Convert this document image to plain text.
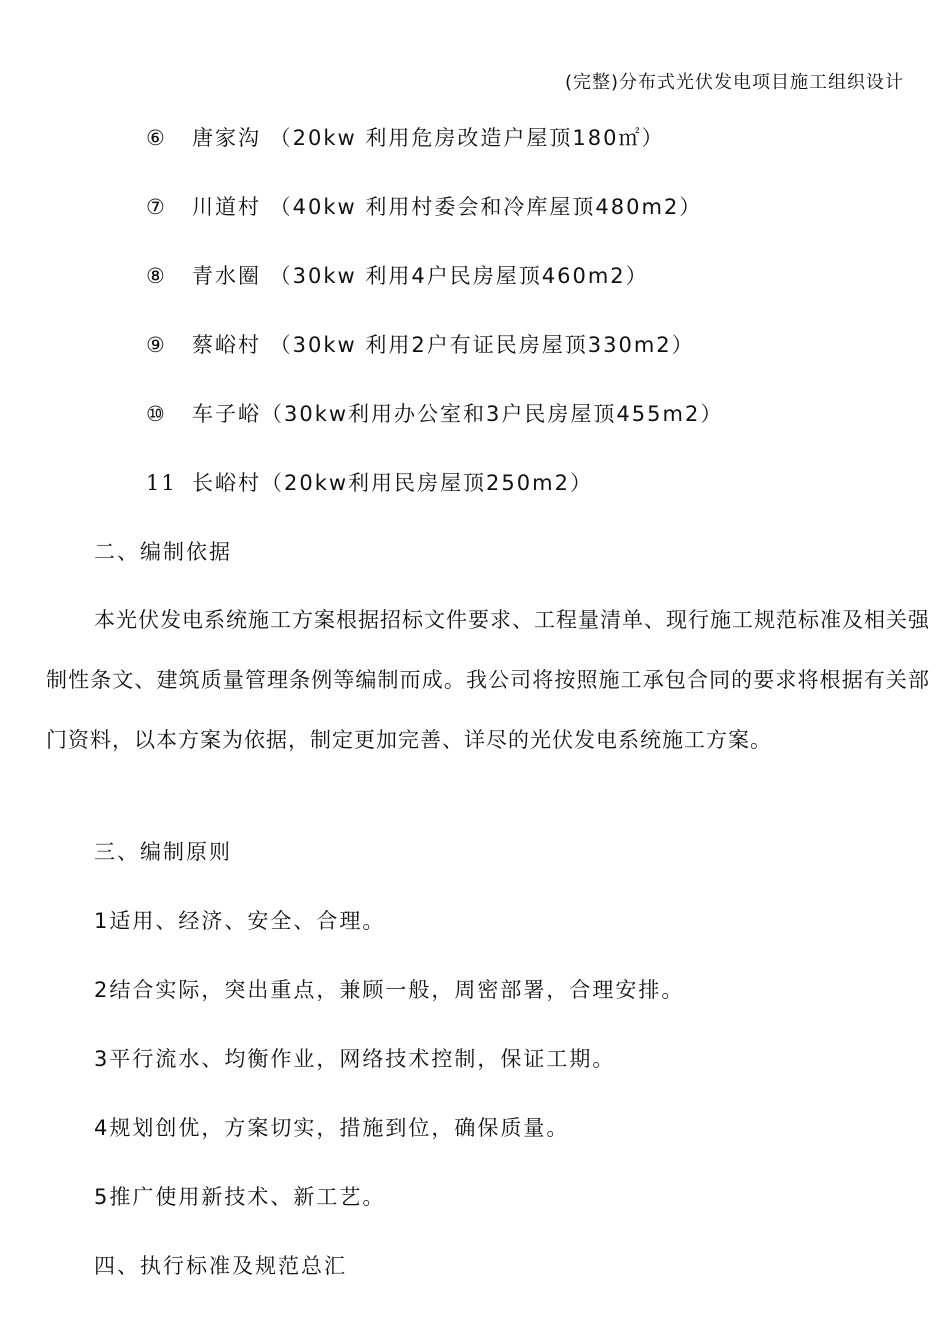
(完整)分布式光伏发电项目施工组织设计
⑥ 唐家沟 （20kw 利用危房改造户屋顶180㎡）
⑦ 川道村 （40kw 利用村委会和冷库屋顶480m2）
⑧ 青水圈 （30kw 利用4户民房屋顶460m2）
⑨ 蔡峪村 （30kw 利用2户有证民房屋顶330m2）
⑩ 车子峪（30kw利用办公室和3户民房屋顶455m2）
11 长峪村（20kw利用民房屋顶250m2）
二、编制依据

本光伏发电系统施工方案根据招标文件要求、工程量清单、现行施工规范标准及相关强制性条文、建筑质量管理条例等编制而成。我公司将按照施工承包合同的要求将根据有关部门资料，以本方案为依据，制定更加完善、详尽的光伏发电系统施工方案。

三、编制原则
1适用、经济、安全、合理。
2结合实际，突出重点，兼顾一般，周密部署，合理安排。
3平行流水、均衡作业，网络技术控制，保证工期。
4规划创优，方案切实，措施到位，确保质量。
5推广使用新技术、新工艺。
四、执行标准及规范总汇
